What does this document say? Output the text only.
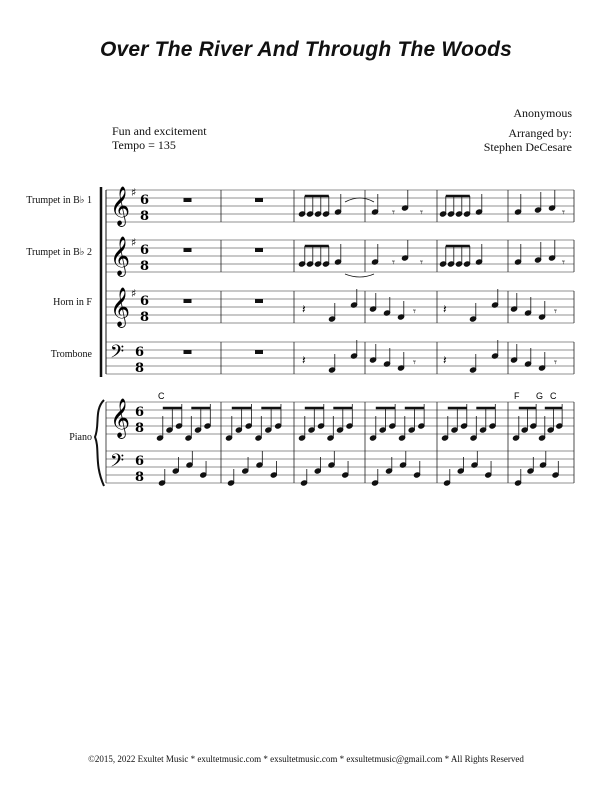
Over The River And Through The Woods
Anonymous
Arranged by:
Stephen DeCesare
Fun and excitement
Tempo = 135
Trumpet in B♭ 1
Trumpet in B♭ 2
Horn in F
Trombone
Piano
𝄞 ♯
6
8
𝄞 ♯
6
8
𝄞 ♯
6
8
𝄢 6
8
𝄞 6
8
𝄢 6
8
𝄾 𝄾	𝄾
𝄾 𝄾	𝄾
𝄽	𝄽
𝄾	𝄾
𝄽	𝄽
𝄾	𝄾
C	F G C
©2015, 2022 Exultet Music * exultetmusic.com * exsultetmusic.com * exsultetmusic@gmail.com * All Rights Reserved
